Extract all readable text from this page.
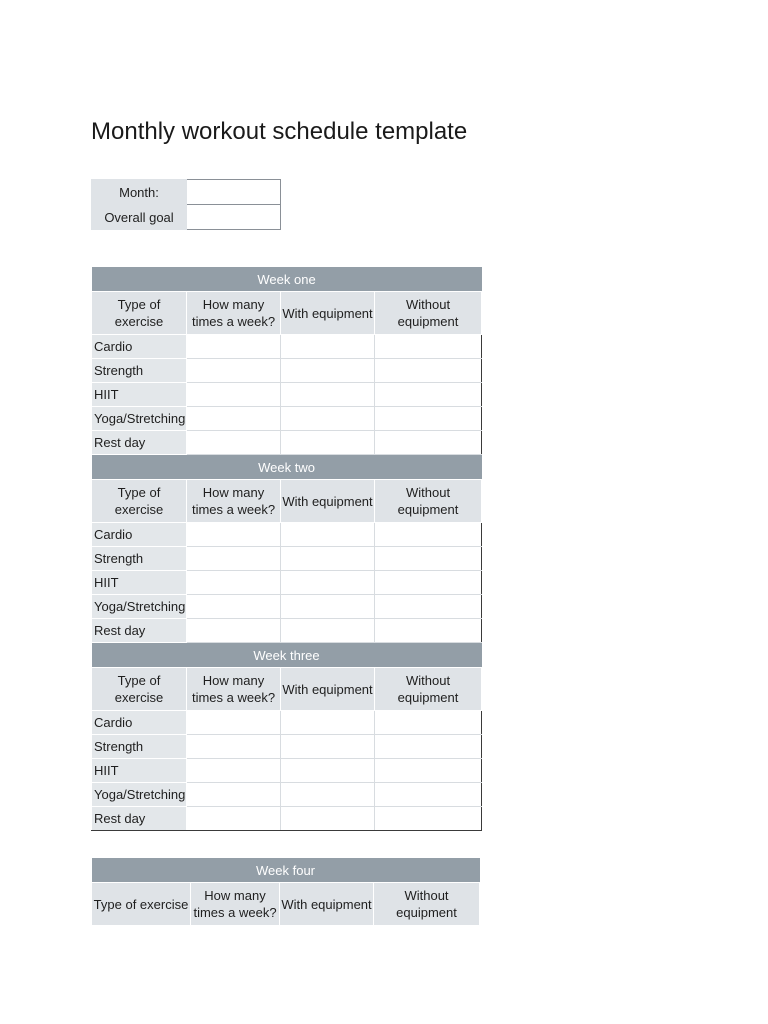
Monthly workout schedule template
Month:	
Overall goal	
Week one			
Type of exercise	How many times a week?	With equipment	Without equipment
Cardio			
Strength			
HIIT			
Yoga/Stretching			
Rest day			
Week two			
Type of exercise	How many times a week?	With equipment	Without equipment
Cardio			
Strength			
HIIT			
Yoga/Stretching			
Rest day			
Week three			
Type of exercise	How many times a week?	With equipment	Without equipment
Cardio			
Strength			
HIIT			
Yoga/Stretching			
Rest day			
Week four
Type of exercise	How many times a week?	With equipment	Without equipment
